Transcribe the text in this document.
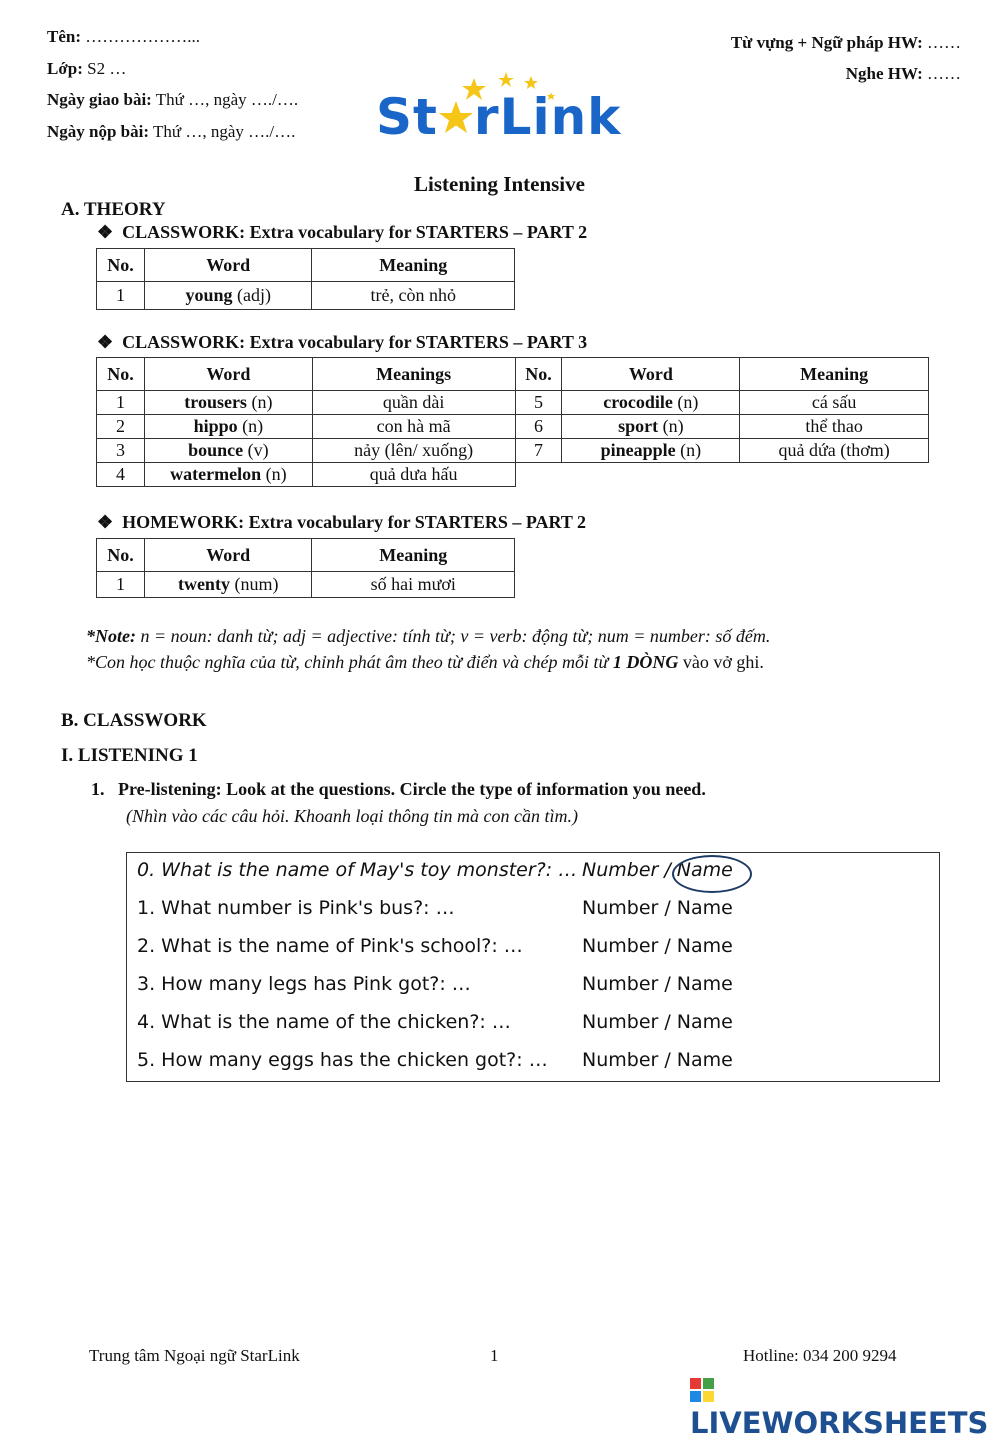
Tên: ………………...
Lớp: S2 …
Ngày giao bài: Thứ …, ngày …./….
Ngày nộp bài: Thứ …, ngày …./….
Từ vựng + Ngữ pháp HW: ……
Nghe HW: ……
St rLink
Listening Intensive
A. THEORY
❖  CLASSWORK: Extra vocabulary for STARTERS – PART 2
No.	Word	Meaning
1	young (adj)	trẻ, còn nhỏ
❖  CLASSWORK: Extra vocabulary for STARTERS – PART 3
No.	Word	Meanings	No.	Word	Meaning
1	trousers (n)	quần dài	5	crocodile (n)	cá sấu
2	hippo (n)	con hà mã	6	sport (n)	thể thao
3	bounce (v)	nảy (lên/ xuống)	7	pineapple (n)	quả dứa (thơm)
4	watermelon (n)	quả dưa hấu			
❖  HOMEWORK: Extra vocabulary for STARTERS – PART 2
No.	Word	Meaning
1	twenty (num)	số hai mươi
*Note: n = noun: danh từ; adj = adjective: tính từ; v = verb: động từ; num = number: số đếm.
*Con học thuộc nghĩa của từ, chỉnh phát âm theo từ điển và chép mỗi từ 1 DÒNG vào vở ghi.
B. CLASSWORK
I. LISTENING 1
1. Pre-listening: Look at the questions. Circle the type of information you need.
(Nhìn vào các câu hỏi. Khoanh loại thông tin mà con cần tìm.)
0. What is the name of May's toy monster?: … Number / Name
1. What number is Pink's bus?: …	Number / Name
2. What is the name of Pink's school?: …	Number / Name
3. How many legs has Pink got?: …	Number / Name
4. What is the name of the chicken?: …	Number / Name
5. How many eggs has the chicken got?: … Number / Name
Trung tâm Ngoại ngữ StarLink	1	Hotline: 034 200 9294
LIVEWORKSHEETS
